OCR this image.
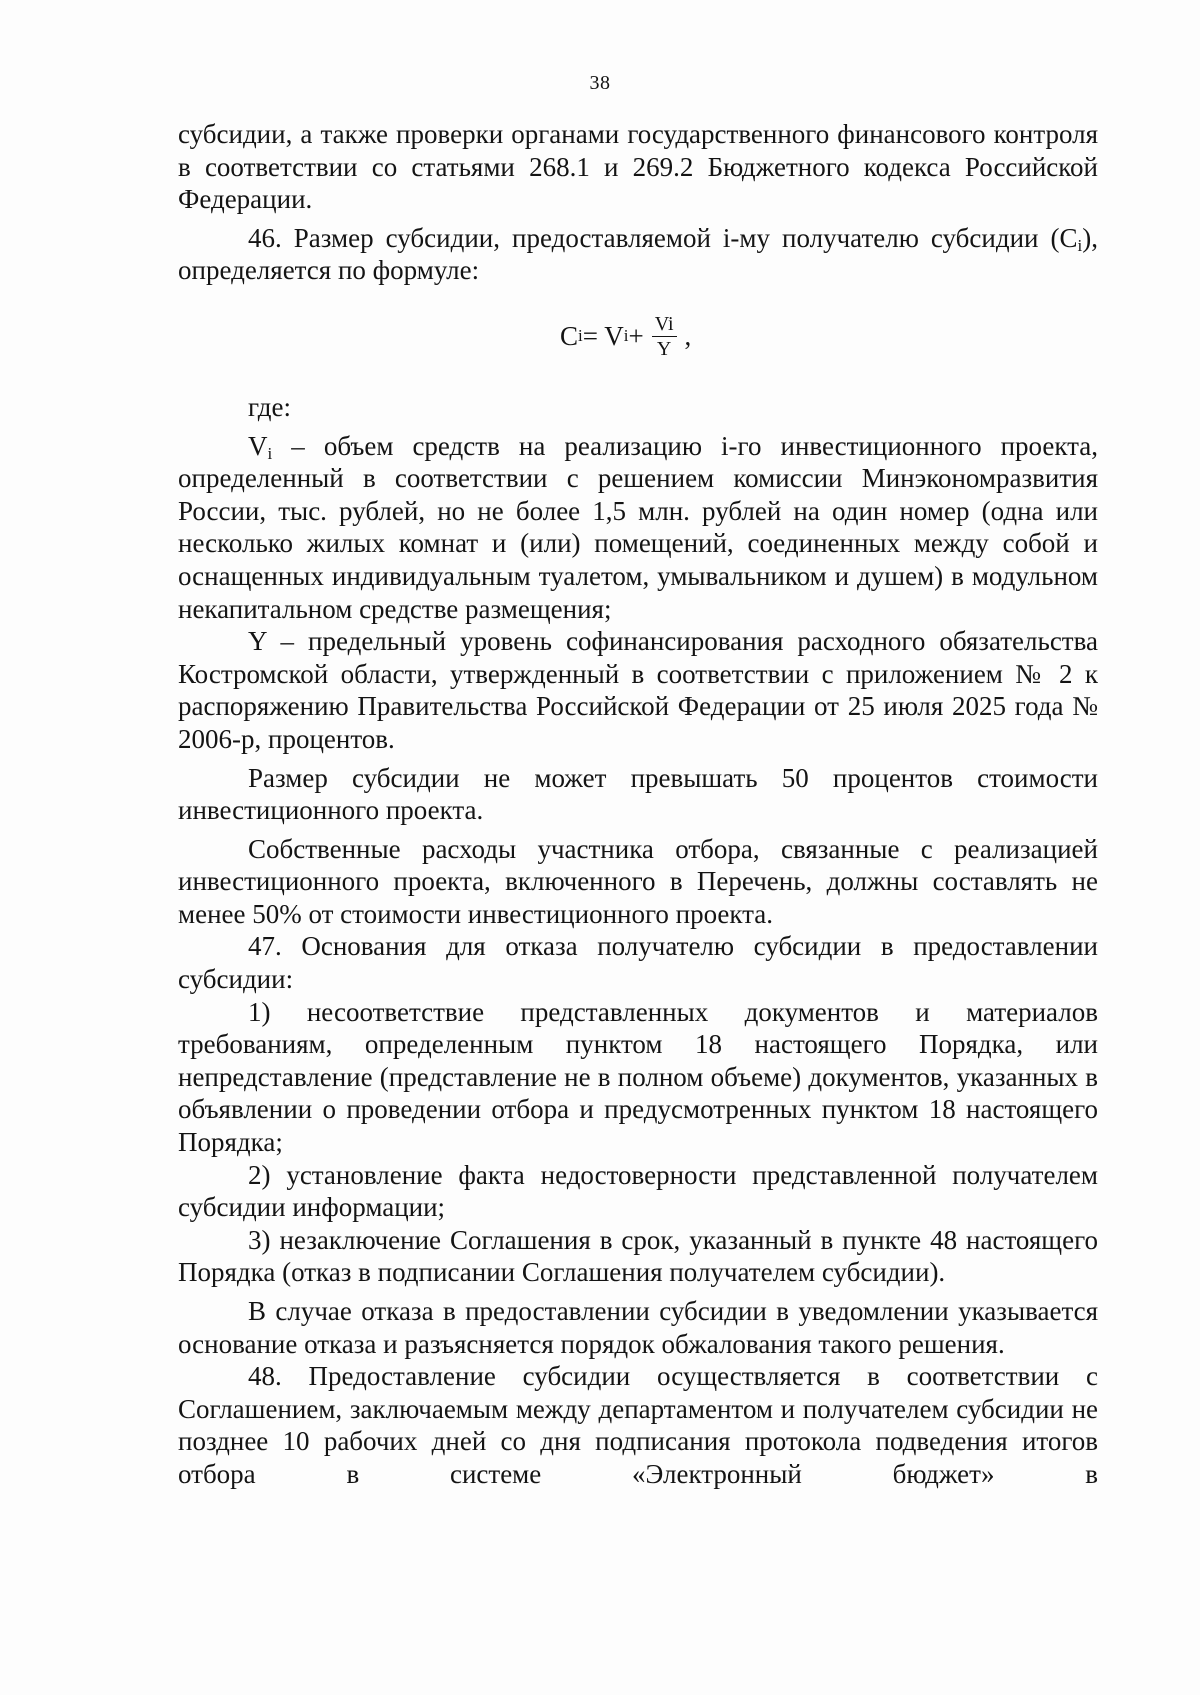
38

субсидии, а также проверки органами государственного финансового контроля в соответствии со статьями 268.1 и 269.2 Бюджетного кодекса Российской Федерации.

46. Размер субсидии, предоставляемой i-му получателю субсидии $(C_i)$, определяется по формуле:

C i = V $i + \frac{Vi}{Y}$ ,

где:

$V_i$ – объем средств на реализацию i-го инвестиционного проекта, определенный в соответствии с решением комиссии Минэкономразвития России, тыс. рублей, но не более 1,5 млн. рублей на один номер (одна или несколько жилых комнат и (или) помещений, соединенных между собой и оснащенных индивидуальным туалетом, умывальником и душем) в модульном некапитальном средстве размещения;

Y – предельный уровень софинансирования расходного обязательства Костромской области, утвержденный в соответствии с приложением № 2 к распоряжению Правительства Российской Федерации от 25 июля 2025 года № 2006-р, процентов.

Размер субсидии не может превышать 50 процентов стоимости инвестиционного проекта.

Собственные расходы участника отбора, связанные с реализацией инвестиционного проекта, включенного в Перечень, должны составлять не менее 50% от стоимости инвестиционного проекта.

47. Основания для отказа получателю субсидии в предоставлении субсидии:

1) несоответствие представленных документов и материалов требованиям, определенным пунктом 18 настоящего Порядка, или непредставление (представление не в полном объеме) документов, указанных в объявлении о проведении отбора и предусмотренных пунктом 18 настоящего Порядка;

2) установление факта недостоверности представленной получателем субсидии информации;

3) незаключение Соглашения в срок, указанный в пункте 48 настоящего Порядка (отказ в подписании Соглашения получателем субсидии).

В случае отказа в предоставлении субсидии в уведомлении указывается основание отказа и разъясняется порядок обжалования такого решения.

48. Предоставление субсидии осуществляется в соответствии с Соглашением, заключаемым между департаментом и получателем субсидии не позднее 10 рабочих дней со дня подписания протокола подведения итогов отбора в системе «Электронный бюджет» в
